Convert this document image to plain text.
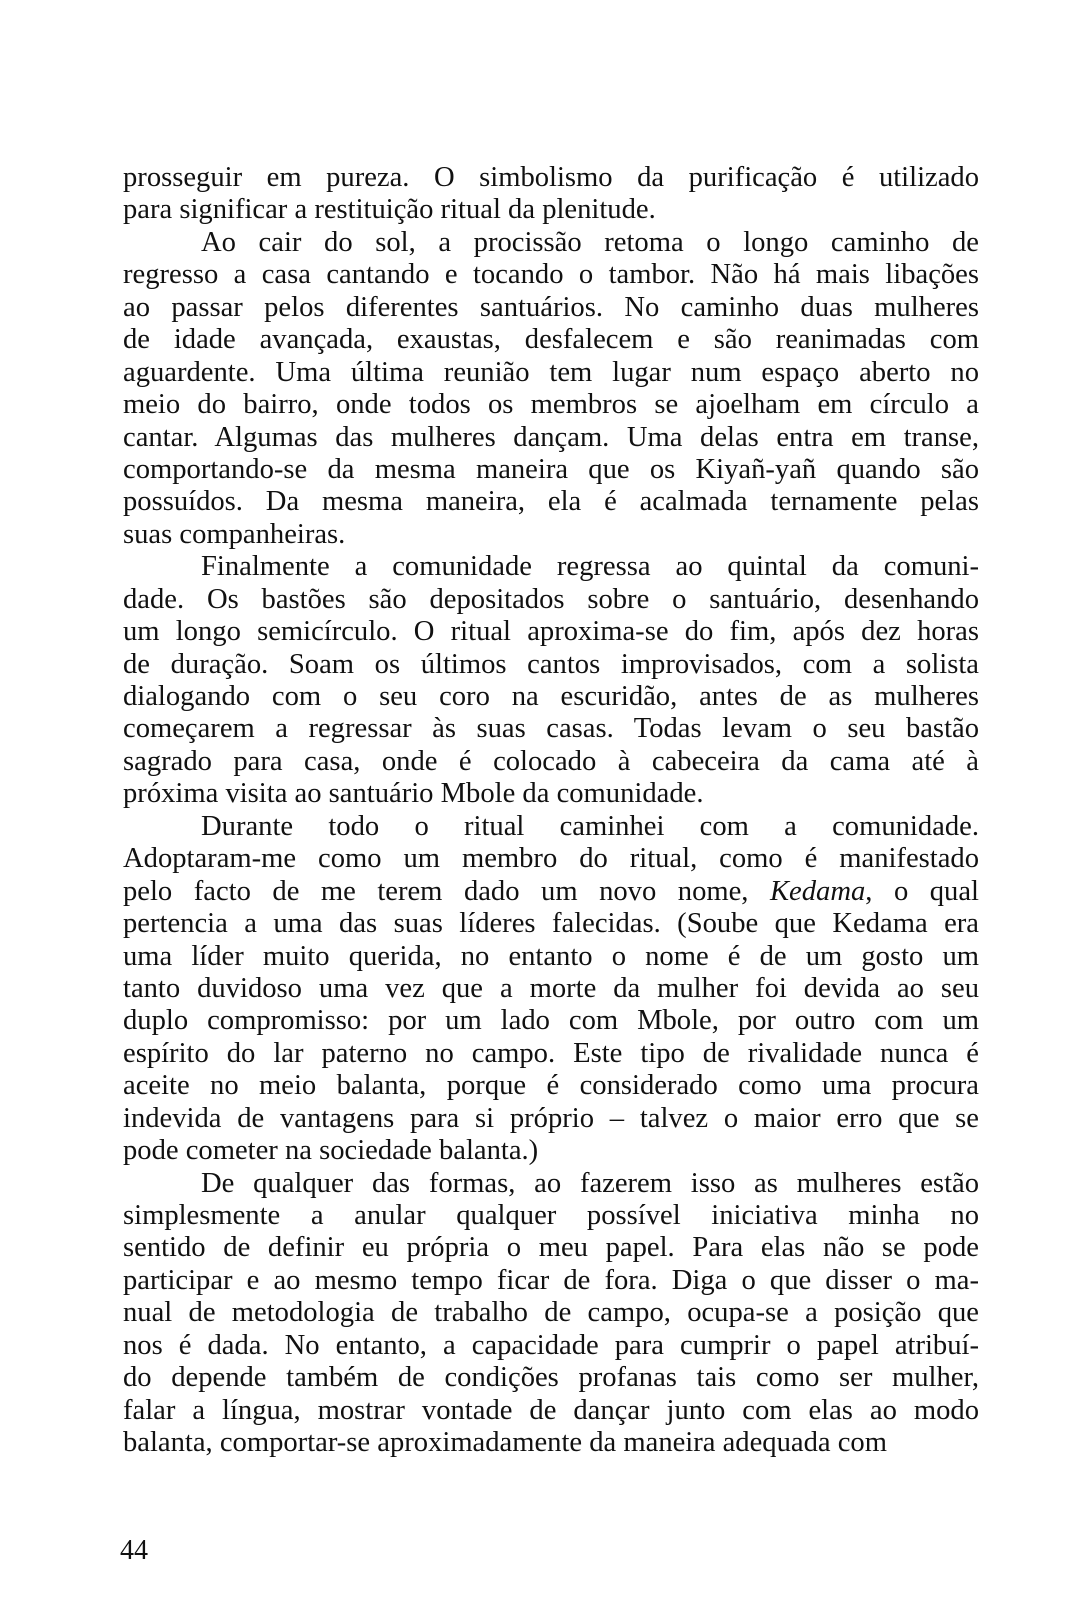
prosseguir em pureza. O simbolismo da purificação é utilizado
para significar a restituição ritual da plenitude.
Ao cair do sol, a procissão retoma o longo caminho de
regresso a casa cantando e tocando o tambor. Não há mais libações
ao passar pelos diferentes santuários. No caminho duas mulheres
de idade avançada, exaustas, desfalecem e são reanimadas com
aguardente. Uma última reunião tem lugar num espaço aberto no
meio do bairro, onde todos os membros se ajoelham em círculo a
cantar. Algumas das mulheres dançam. Uma delas entra em transe,
comportando-se da mesma maneira que os Kiyañ-yañ quando são
possuídos. Da mesma maneira, ela é acalmada ternamente pelas
suas companheiras.
Finalmente a comunidade regressa ao quintal da comuni-
dade. Os bastões são depositados sobre o santuário, desenhando
um longo semicírculo. O ritual aproxima-se do fim, após dez horas
de duração. Soam os últimos cantos improvisados, com a solista
dialogando com o seu coro na escuridão, antes de as mulheres
começarem a regressar às suas casas. Todas levam o seu bastão
sagrado para casa, onde é colocado à cabeceira da cama até à
próxima visita ao santuário Mbole da comunidade.
Durante todo o ritual caminhei com a comunidade.
Adoptaram-me como um membro do ritual, como é manifestado
pelo facto de me terem dado um novo nome, Kedama, o qual
pertencia a uma das suas líderes falecidas. (Soube que Kedama era
uma líder muito querida, no entanto o nome é de um gosto um
tanto duvidoso uma vez que a morte da mulher foi devida ao seu
duplo compromisso: por um lado com Mbole, por outro com um
espírito do lar paterno no campo. Este tipo de rivalidade nunca é
aceite no meio balanta, porque é considerado como uma procura
indevida de vantagens para si próprio – talvez o maior erro que se
pode cometer na sociedade balanta.)
De qualquer das formas, ao fazerem isso as mulheres estão
simplesmente a anular qualquer possível iniciativa minha no
sentido de definir eu própria o meu papel. Para elas não se pode
participar e ao mesmo tempo ficar de fora. Diga o que disser o ma-
nual de metodologia de trabalho de campo, ocupa-se a posição que
nos é dada. No entanto, a capacidade para cumprir o papel atribuí-
do depende também de condições profanas tais como ser mulher,
falar a língua, mostrar vontade de dançar junto com elas ao modo
balanta, comportar-se aproximadamente da maneira adequada com
44
